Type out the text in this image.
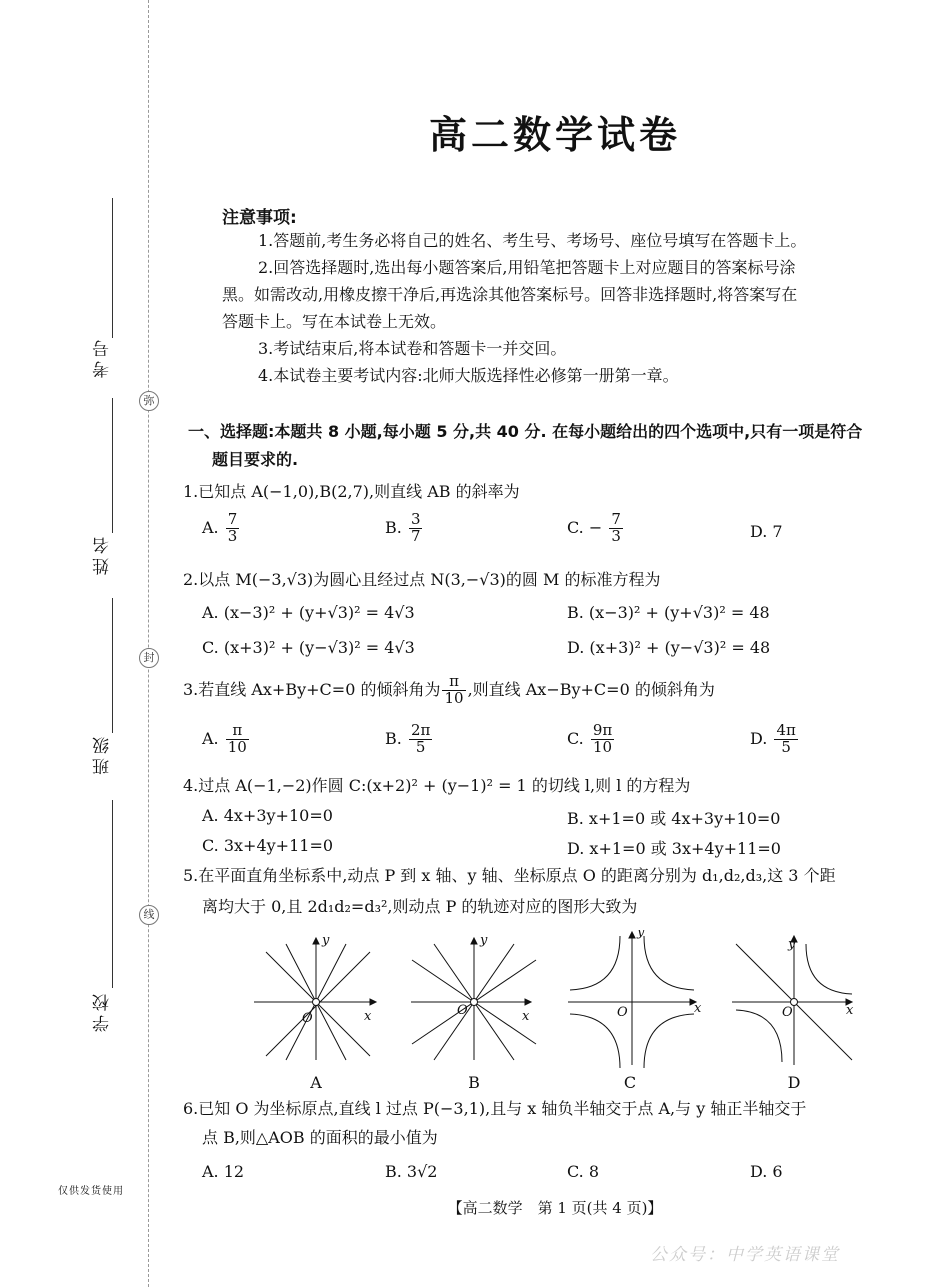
弥
封
线
考号
姓名
班级
学校
仅供发货使用
高二数学试卷
注意事项:
1.答题前,考生务必将自己的姓名、考生号、考场号、座位号填写在答题卡上。
2.回答选择题时,选出每小题答案后,用铅笔把答题卡上对应题目的答案标号涂
黑。如需改动,用橡皮擦干净后,再选涂其他答案标号。回答非选择题时,将答案写在
答题卡上。写在本试卷上无效。
3.考试结束后,将本试卷和答题卡一并交回。
4.本试卷主要考试内容:北师大版选择性必修第一册第一章。
一、选择题:本题共 8 小题,每小题 5 分,共 40 分. 在每小题给出的四个选项中,只有一项是符合
题目要求的.
1.已知点 A(−1,0),B(2,7),则直线 AB 的斜率为
A. $\frac{7}{3}$	B. $\frac{3}{7}$	C. − $\frac{7}{3}$	D. 7
2.以点 M(−3,√3)为圆心且经过点 N(3,−√3)的圆 M 的标准方程为
A. (x−3)² + (y+√3)² = 4√3	B. (x−3)² + (y+√3)² = 48
C. (x+3)² + (y−√3)² = 4√3	D. (x+3)² + (y−√3)² = 48
3.若直线 Ax+By+C=0 的倾斜角为 $\frac{\pi}{10}$ ,则直线 Ax−By+C=0 的倾斜角为
A. $\frac{\pi}{10}$	B. $\frac{2\pi}{5}$	C. $\frac{9\pi}{10}$	D. $\frac{4\pi}{5}$
4.过点 A(−1,−2)作圆 C:(x+2)² + (y−1)² = 1 的切线 l,则 l 的方程为
A. 4x+3y+10=0	B. x+1=0 或 4x+3y+10=0
C. 3x+4y+11=0	D. x+1=0 或 3x+4y+11=0
5.在平面直角坐标系中,动点 P 到 x 轴、y 轴、坐标原点 O 的距离分别为 d₁,d₂,d₃,这 3 个距
离均大于 0,且 2d₁d₂=d₃²,则动点 P 的轨迹对应的图形大致为
y
x
O
y
x
O
y
x
O
y
x
O
A	B	C	D
6.已知 O 为坐标原点,直线 l 过点 P(−3,1),且与 x 轴负半轴交于点 A,与 y 轴正半轴交于
点 B,则△AOB 的面积的最小值为
A. 12	B. 3√2	C. 8	D. 6
【高二数学　第 1 页(共 4 页)】
公众号：中学英语课堂
